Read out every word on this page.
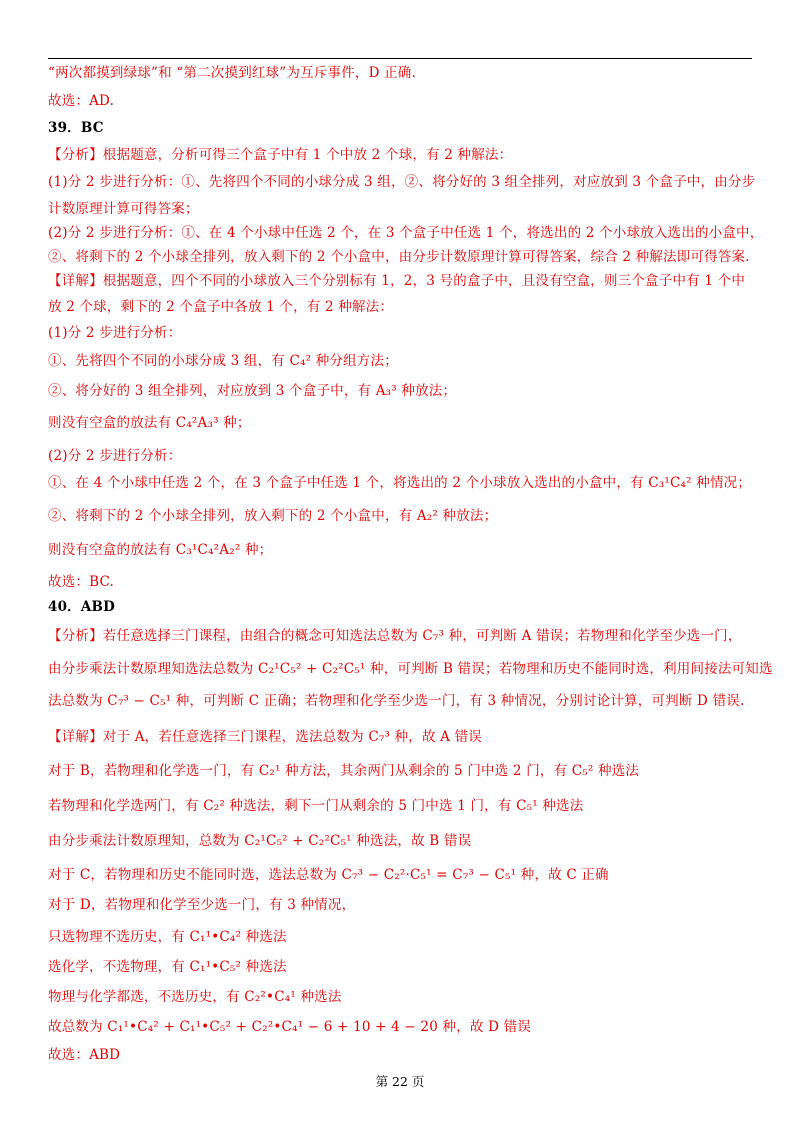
“两次都摸到绿球”和 “第二次摸到红球”为互斥事件，D 正确.
故选：AD.
39．BC
【分析】根据题意，分析可得三个盒子中有 1 个中放 2 个球，有 2 种解法：
(1)分 2 步进行分析：①、先将四个不同的小球分成 3 组，②、将分好的 3 组全排列，对应放到 3 个盒子中，由分步
计数原理计算可得答案；
(2)分 2 步进行分析：①、在 4 个小球中任选 2 个，在 3 个盒子中任选 1 个，将选出的 2 个小球放入选出的小盒中，
②、将剩下的 2 个小球全排列，放入剩下的 2 个小盒中，由分步计数原理计算可得答案，综合 2 种解法即可得答案.
【详解】根据题意，四个不同的小球放入三个分别标有 1，2，3 号的盒子中，且没有空盒，则三个盒子中有 1 个中
放 2 个球，剩下的 2 个盒子中各放 1 个，有 2 种解法：
(1)分 2 步进行分析：
①、先将四个不同的小球分成 3 组，有 C₄² 种分组方法；
②、将分好的 3 组全排列，对应放到 3 个盒子中，有 A₃³ 种放法；
则没有空盒的放法有 C₄²A₃³ 种；
(2)分 2 步进行分析：
①、在 4 个小球中任选 2 个，在 3 个盒子中任选 1 个，将选出的 2 个小球放入选出的小盒中，有 C₃¹C₄² 种情况；
②、将剩下的 2 个小球全排列，放入剩下的 2 个小盒中，有 A₂² 种放法；
则没有空盒的放法有 C₃¹C₄²A₂² 种；
故选：BC.
40．ABD
【分析】若任意选择三门课程，由组合的概念可知选法总数为 C₇³ 种，可判断 A 错误；若物理和化学至少选一门，
由分步乘法计数原理知选法总数为 C₂¹C₅² + C₂²C₅¹ 种，可判断 B 错误；若物理和历史不能同时选，利用间接法可知选
法总数为 C₇³ − C₅¹ 种，可判断 C 正确；若物理和化学至少选一门，有 3 种情况，分别讨论计算，可判断 D 错误.
【详解】对于 A，若任意选择三门课程，选法总数为 C₇³ 种，故 A 错误
对于 B，若物理和化学选一门，有 C₂¹ 种方法，其余两门从剩余的 5 门中选 2 门，有 C₅² 种选法
若物理和化学选两门，有 C₂² 种选法，剩下一门从剩余的 5 门中选 1 门，有 C₅¹ 种选法
由分步乘法计数原理知，总数为 C₂¹C₅² + C₂²C₅¹ 种选法，故 B 错误
对于 C，若物理和历史不能同时选，选法总数为 C₇³ − C₂²·C₅¹ = C₇³ − C₅¹ 种，故 C 正确
对于 D，若物理和化学至少选一门，有 3 种情况，
只选物理不选历史，有 C₁¹•C₄² 种选法
选化学，不选物理，有 C₁¹•C₅² 种选法
物理与化学都选，不选历史，有 C₂²•C₄¹ 种选法
故总数为 C₁¹•C₄² + C₁¹•C₅² + C₂²•C₄¹ − 6 + 10 + 4 − 20 种，故 D 错误
故选：ABD
第 22 页
